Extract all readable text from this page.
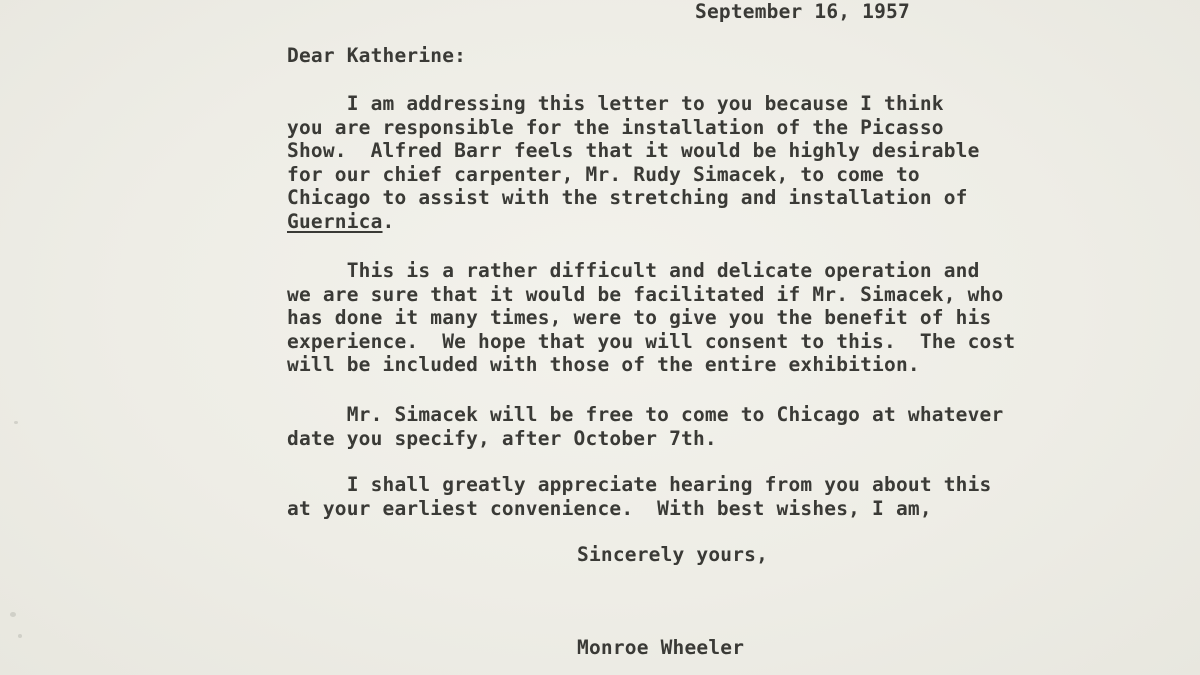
September 16, 1957

Dear Katherine:

I am addressing this letter to you because I think
you are responsible for the installation of the Picasso
Show.  Alfred Barr feels that it would be highly desirable
for our chief carpenter, Mr. Rudy Simacek, to come to
Chicago to assist with the stretching and installation of
Guernica.
This is a rather difficult and delicate operation and
we are sure that it would be facilitated if Mr. Simacek, who
has done it many times, were to give you the benefit of his
experience.  We hope that you will consent to this.  The cost
will be included with those of the entire exhibition.
Mr. Simacek will be free to come to Chicago at whatever
date you specify, after October 7th.
I shall greatly appreciate hearing from you about this
at your earliest convenience.  With best wishes, I am,

Sincerely yours,

Monroe Wheeler
